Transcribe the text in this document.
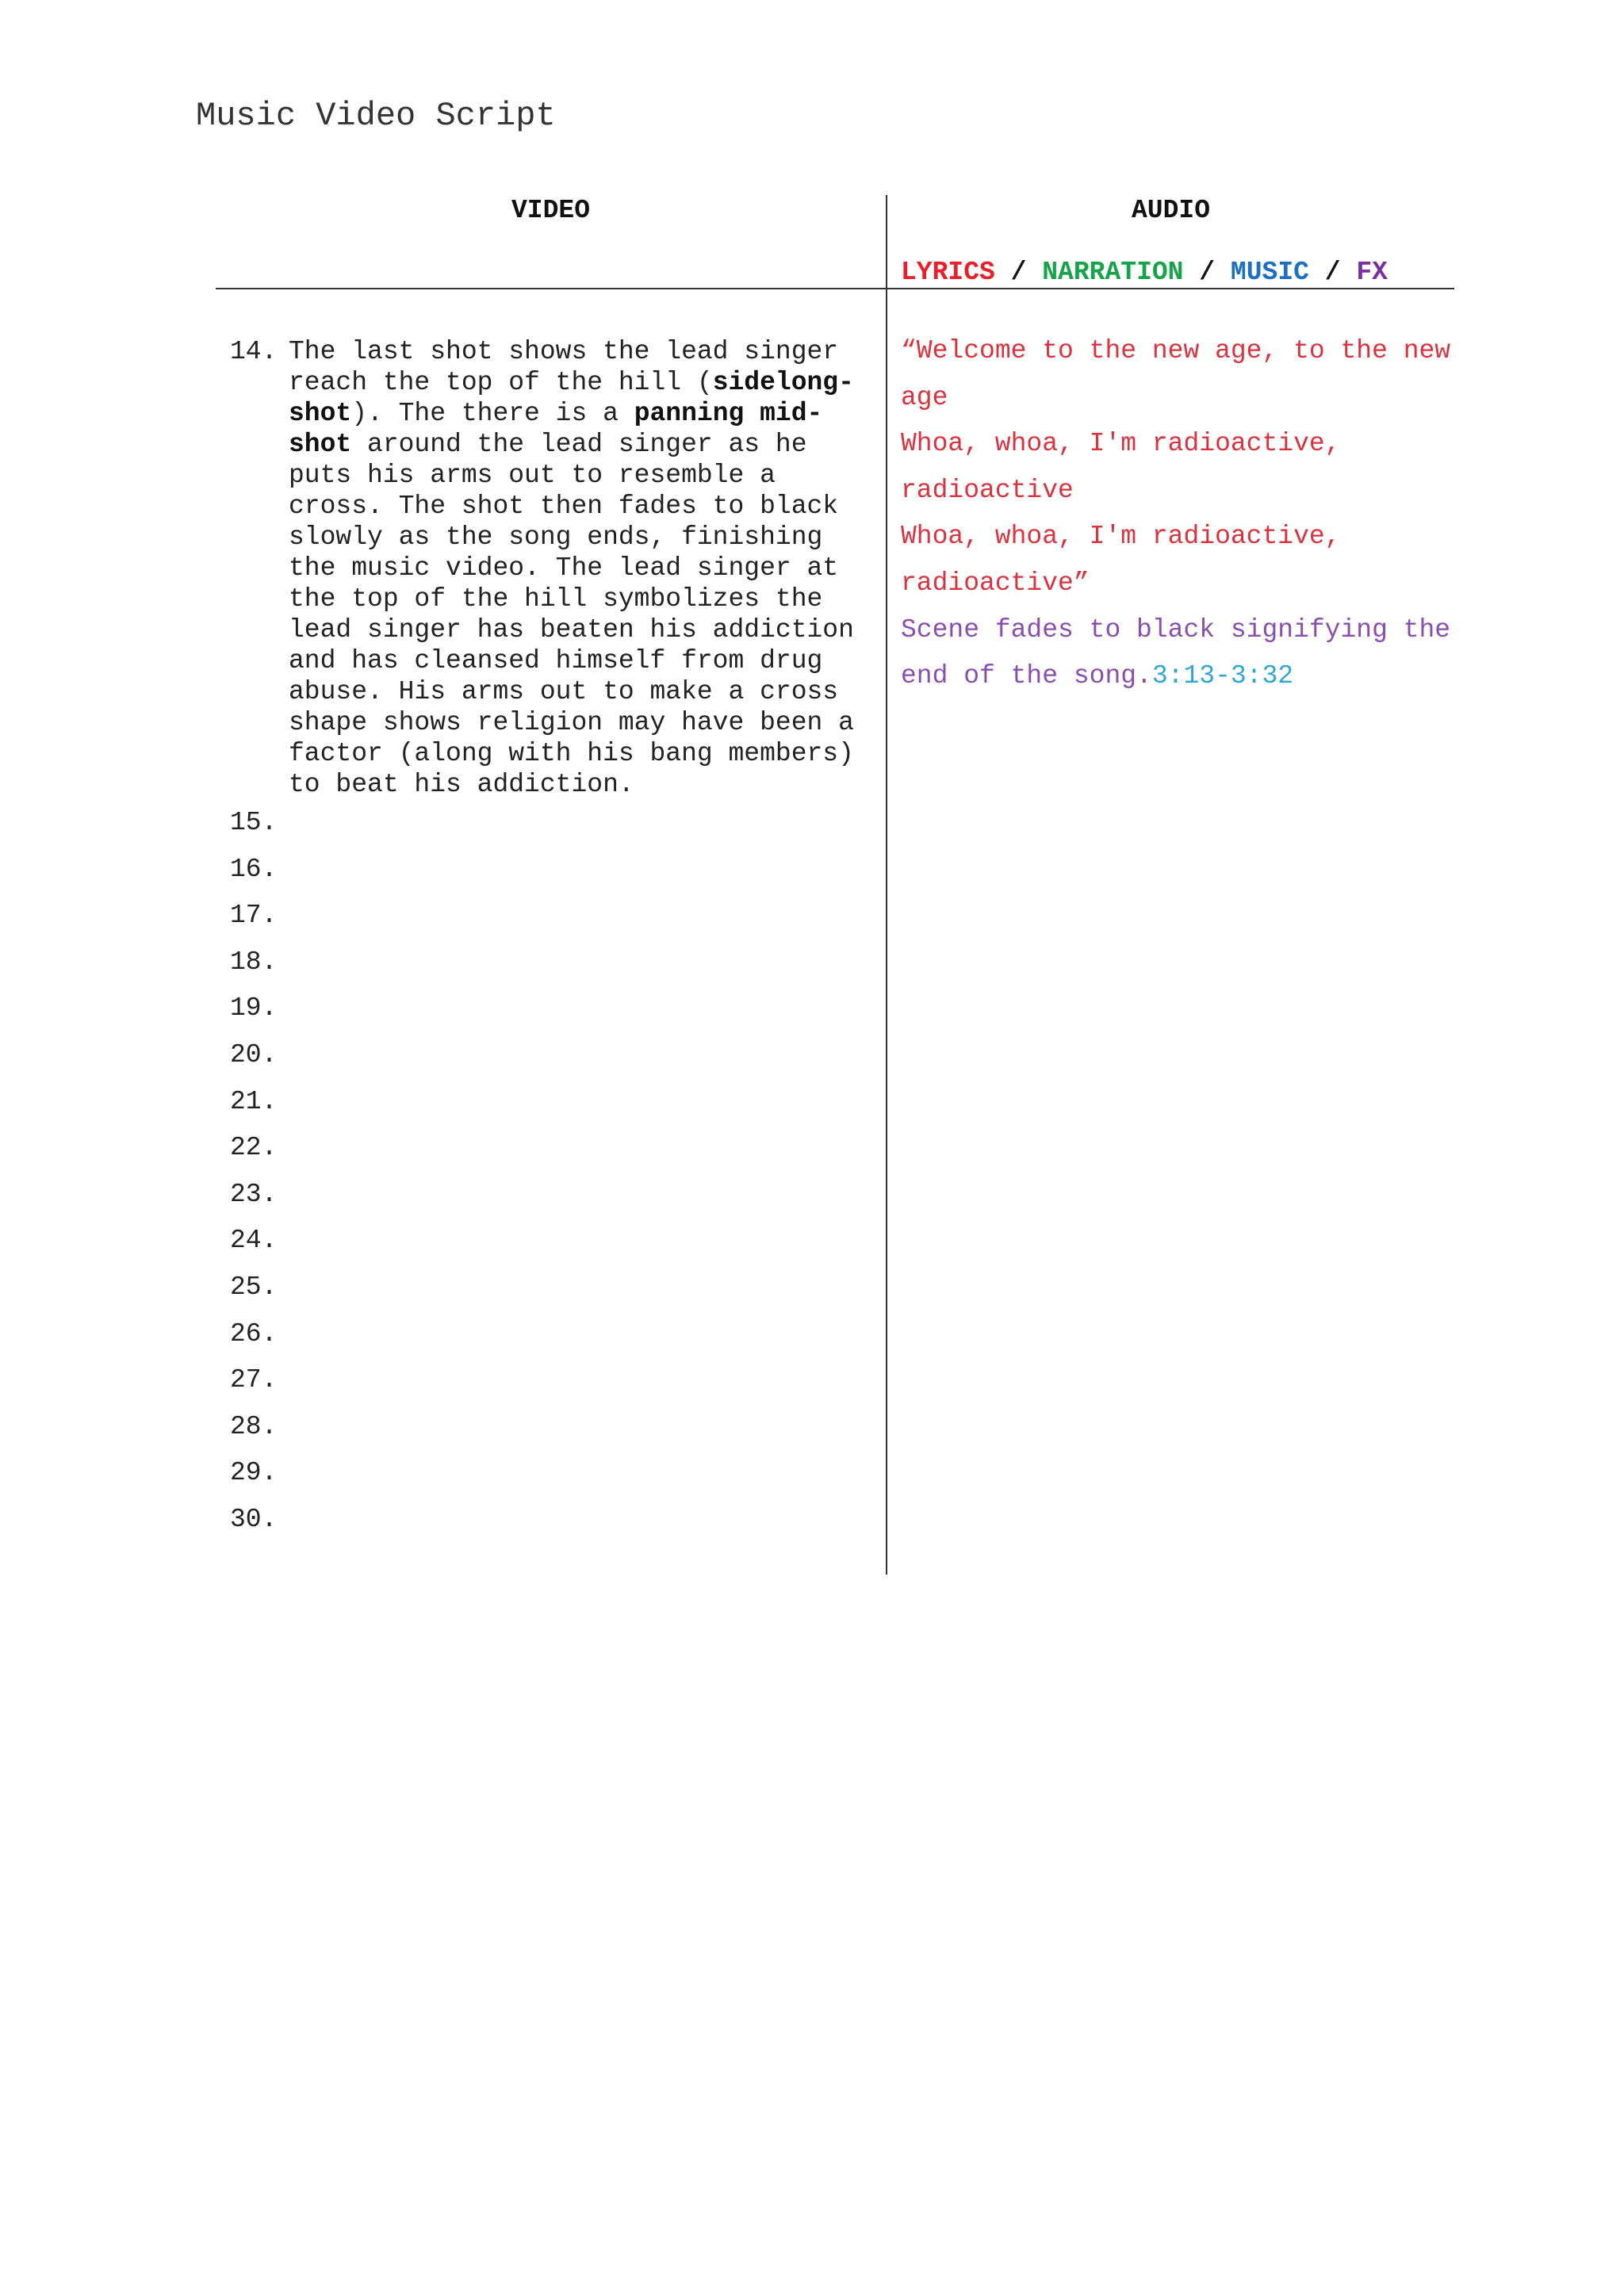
Music Video Script
VIDEO	AUDIO
LYRICS / NARRATION / MUSIC / FX
14. The last shot shows the lead singer reach the top of the hill (sidelong-shot). The there is a panning mid-shot around the lead singer as he puts his arms out to resemble a cross. The shot then fades to black slowly as the song ends, finishing the music video. The lead singer at the top of the hill symbolizes the lead singer has beaten his addiction and has cleansed himself from drug abuse. His arms out to make a cross shape shows religion may have been a factor (along with his bang members) to beat his addiction.
15.
16.
17.
18.
19.
20.
21.
22.
23.
24.
25.
26.
27.
28.
29.
30.
“Welcome to the new age, to the new age
Whoa, whoa, I'm radioactive, radioactive
Whoa, whoa, I'm radioactive, radioactive”
Scene fades to black signifying the end of the song.3:13-3:32
